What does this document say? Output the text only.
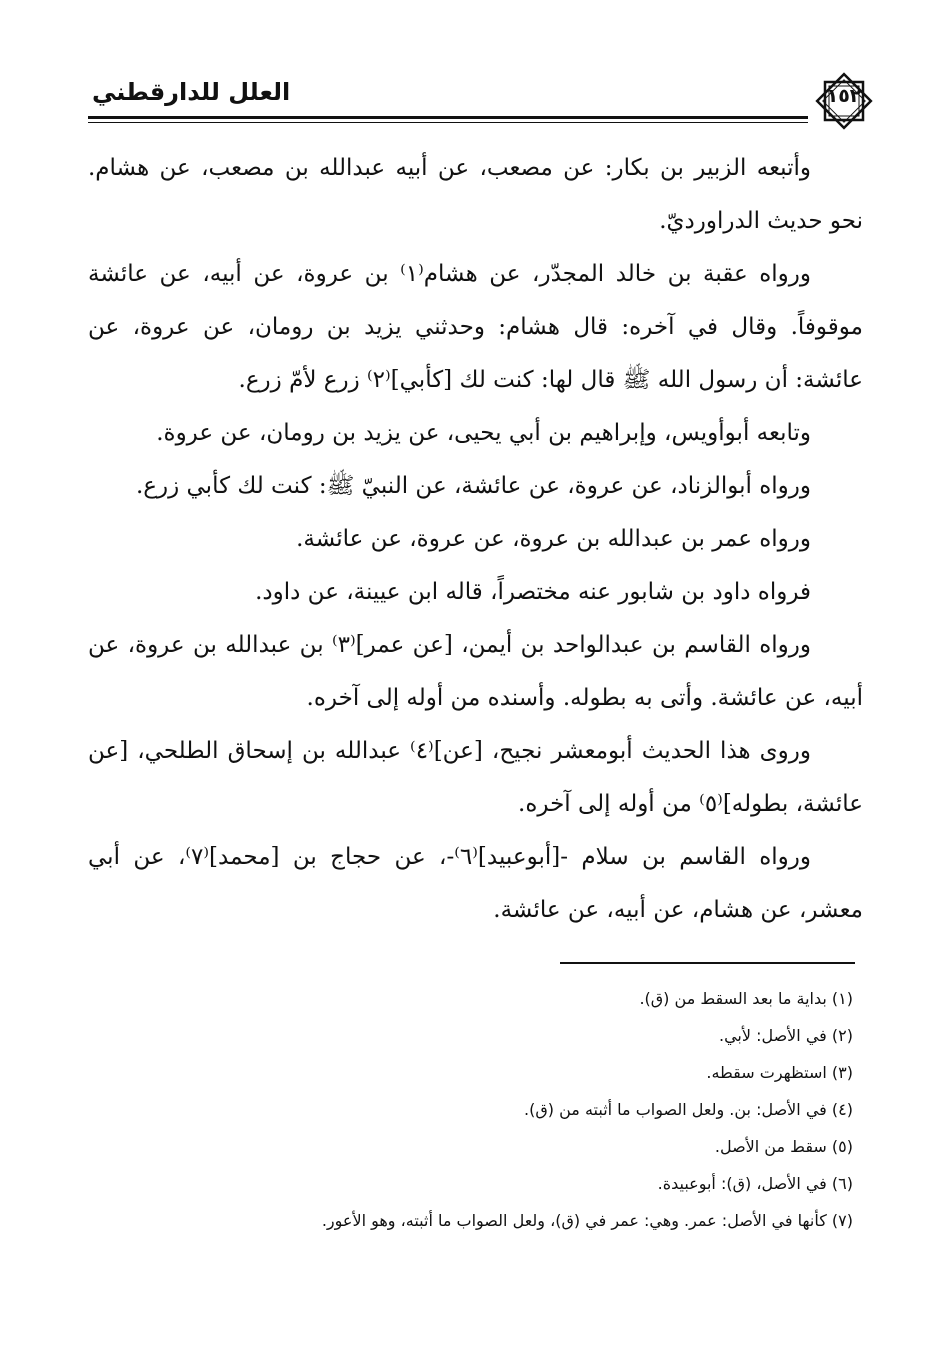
العلل للدارقطني	١٥٢

وأتبعه الزبير بن بكار: عن مصعب، عن أبيه عبدالله بن مصعب، عن هشام. نحو حديث الدراورديّ.

ورواه عقبة بن خالد المجدّر، عن هشام⁽١⁾ بن عروة، عن أبيه، عن عائشة موقوفاً. وقال في آخره: قال هشام: وحدثني يزيد بن رومان، عن عروة، عن عائشة: أن رسول الله ﷺ قال لها: كنت لك [كأبي]⁽٢⁾ زرع لأمّ زرع.

وتابعه أبوأويس، وإبراهيم بن أبي يحيى، عن يزيد بن رومان، عن عروة.

ورواه أبوالزناد، عن عروة، عن عائشة، عن النبيّ ﷺ: كنت لك كأبي زرع.

ورواه عمر بن عبدالله بن عروة، عن عروة، عن عائشة.

فرواه داود بن شابور عنه مختصراً، قاله ابن عيينة، عن داود.

ورواه القاسم بن عبدالواحد بن أيمن، [عن عمر]⁽٣⁾ بن عبدالله بن عروة، عن أبيه، عن عائشة. وأتى به بطوله. وأسنده من أوله إلى آخره.

وروى هذا الحديث أبومعشر نجيح، [عن]⁽٤⁾ عبدالله بن إسحاق الطلحي، [عن عائشة، بطوله]⁽٥⁾ من أوله إلى آخره.

ورواه القاسم بن سلام -[أبوعبيد]⁽٦⁾-، عن حجاج بن [محمد]⁽٧⁾، عن أبي معشر، عن هشام، عن أبيه، عن عائشة.

(١) بداية ما بعد السقط من (ق).
(٢) في الأصل: لأبي.
(٣) استظهرت سقطه.
(٤) في الأصل: بن. ولعل الصواب ما أثبته من (ق).
(٥) سقط من الأصل.
(٦) في الأصل، (ق): أبوعبيدة.
(٧) كأنها في الأصل: عمر. وهي: عمر في (ق)، ولعل الصواب ما أثبته، وهو الأعور.
